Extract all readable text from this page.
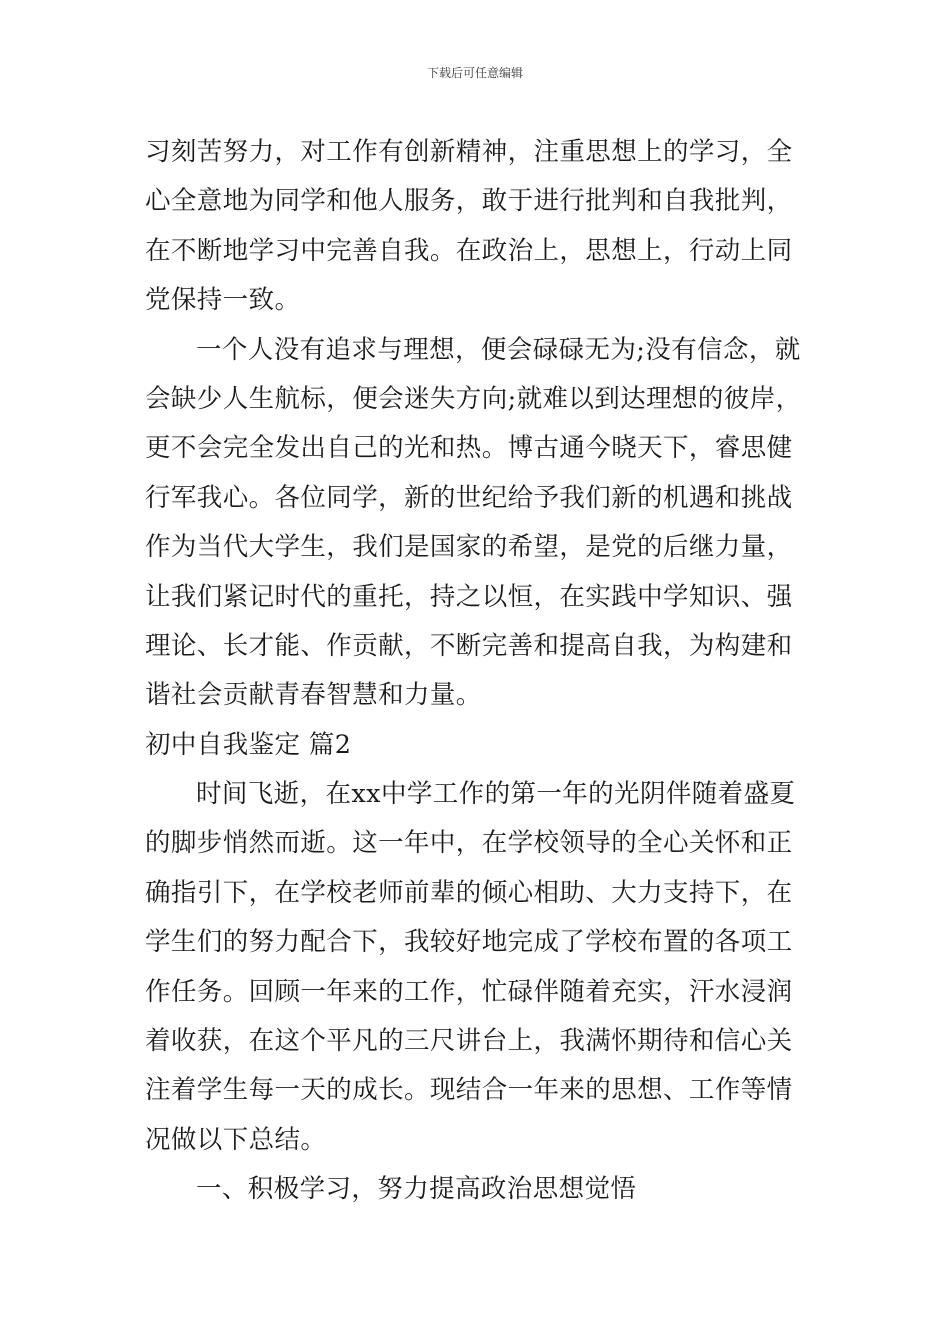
下载后可任意编辑
习刻苦努力，对工作有创新精神，注重思想上的学习，全
心全意地为同学和他人服务，敢于进行批判和自我批判，
在不断地学习中完善自我。在政治上，思想上，行动上同
党保持一致。
一个人没有追求与理想，便会碌碌无为;没有信念，就
会缺少人生航标，便会迷失方向;就难以到达理想的彼岸，
更不会完全发出自己的光和热。博古通今晓天下，睿思健
行军我心。各位同学，新的世纪给予我们新的机遇和挑战
作为当代大学生，我们是国家的希望，是党的后继力量，
让我们紧记时代的重托，持之以恒，在实践中学知识、强
理论、长才能、作贡献，不断完善和提高自我，为构建和
谐社会贡献青春智慧和力量。
初中自我鉴定 篇2
时间飞逝，在xx中学工作的第一年的光阴伴随着盛夏
的脚步悄然而逝。这一年中，在学校领导的全心关怀和正
确指引下，在学校老师前辈的倾心相助、大力支持下，在
学生们的努力配合下，我较好地完成了学校布置的各项工
作任务。回顾一年来的工作，忙碌伴随着充实，汗水浸润
着收获，在这个平凡的三尺讲台上，我满怀期待和信心关
注着学生每一天的成长。现结合一年来的思想、工作等情
况做以下总结。
一、积极学习，努力提高政治思想觉悟
